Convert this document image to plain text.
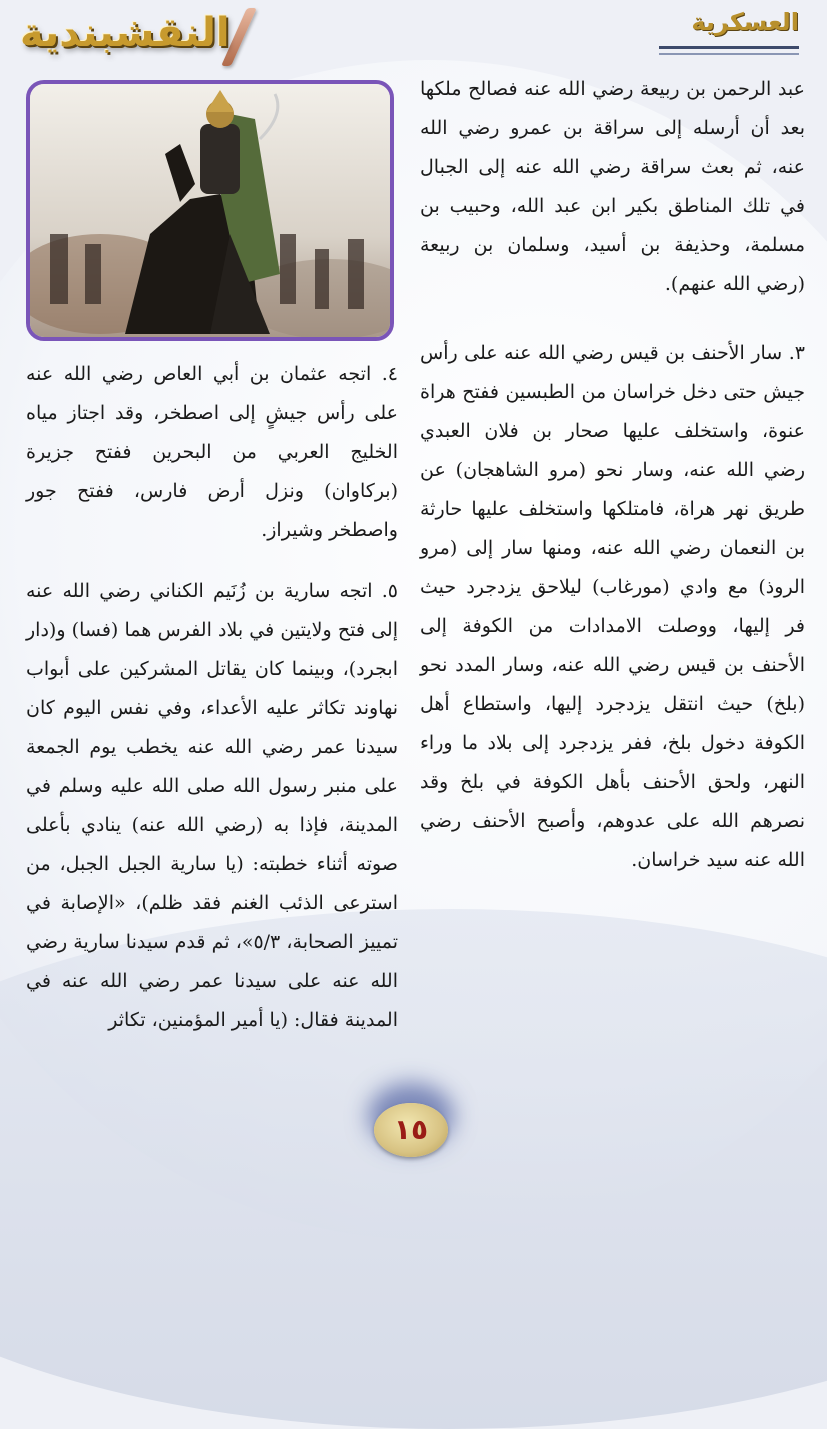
النقشبندية	العسكرية

عبد الرحمن بن ربيعة رضي الله عنه فصالح ملكها بعد أن أرسله إلى سراقة بن عمرو رضي الله عنه، ثم بعث سراقة رضي الله عنه إلى الجبال في تلك المناطق بكير ابن عبد الله، وحبيب بن مسلمة، وحذيفة بن أسيد، وسلمان بن ربيعة (رضي الله عنهم).

٣. سار الأحنف بن قيس رضي الله عنه على رأس جيش حتى دخل خراسان من الطبسين ففتح هراة عنوة، واستخلف عليها صحار بن فلان العبدي رضي الله عنه، وسار نحو (مرو الشاهجان) عن طريق نهر هراة، فامتلكها واستخلف عليها حارثة بن النعمان رضي الله عنه، ومنها سار إلى (مرو الروذ) مع وادي (مورغاب) ليلاحق يزدجرد حيث فر إليها، ووصلت الامدادات من الكوفة إلى الأحنف بن قيس رضي الله عنه، وسار المدد نحو (بلخ) حيث انتقل يزدجرد إليها، واستطاع أهل الكوفة دخول بلخ، ففر يزدجرد إلى بلاد ما وراء النهر، ولحق الأحنف بأهل الكوفة في بلخ وقد نصرهم الله على عدوهم، وأصبح الأحنف رضي الله عنه سيد خراسان.

٤. اتجه عثمان بن أبي العاص رضي الله عنه على رأس جيشٍ إلى اصطخر، وقد اجتاز مياه الخليج العربي من البحرين ففتح جزيرة (بركاوان) ونزل أرض فارس، ففتح جور واصطخر وشيراز.

٥. اتجه سارية بن زُنَيم الكناني رضي الله عنه إلى فتح ولايتين في بلاد الفرس هما (فسا) و(دار ابجرد)، وبينما كان يقاتل المشركين على أبواب نهاوند تكاثر عليه الأعداء، وفي نفس اليوم كان سيدنا عمر رضي الله عنه يخطب يوم الجمعة على منبر رسول الله صلى الله عليه وسلم في المدينة، فإذا به (رضي الله عنه) ينادي بأعلى صوته أثناء خطبته: (يا سارية الجبل الجبل، من استرعى الذئب الغنم فقد ظلم)، «الإصابة في تمييز الصحابة، ٥/٣»، ثم قدم سيدنا سارية رضي الله عنه على سيدنا عمر رضي الله عنه في المدينة فقال: (يا أمير المؤمنين، تكاثر

١٥
